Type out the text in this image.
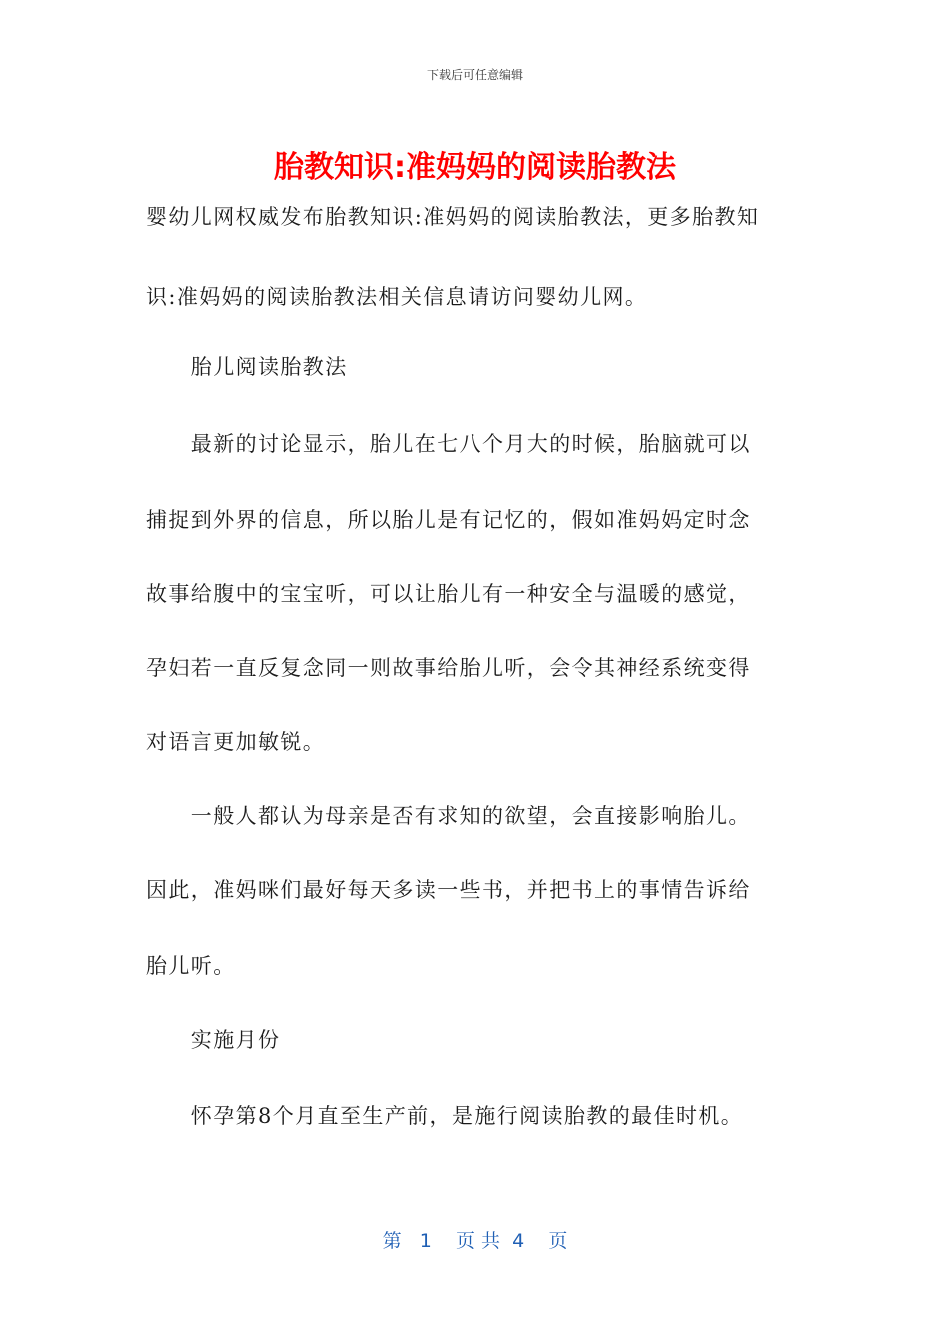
下载后可任意编辑
胎教知识:准妈妈的阅读胎教法
婴幼儿网权威发布胎教知识:准妈妈的阅读胎教法，更多胎教知
识:准妈妈的阅读胎教法相关信息请访问婴幼儿网。
　　胎儿阅读胎教法
　　最新的讨论显示，胎儿在七八个月大的时候，胎脑就可以
捕捉到外界的信息，所以胎儿是有记忆的，假如准妈妈定时念
故事给腹中的宝宝听，可以让胎儿有一种安全与温暖的感觉，
孕妇若一直反复念同一则故事给胎儿听，会令其神经系统变得
对语言更加敏锐。
　　一般人都认为母亲是否有求知的欲望，会直接影响胎儿。
因此，准妈咪们最好每天多读一些书，并把书上的事情告诉给
胎儿听。
　　实施月份
　　怀孕第8个月直至生产前，是施行阅读胎教的最佳时机。
第 1 页 共 4 页
